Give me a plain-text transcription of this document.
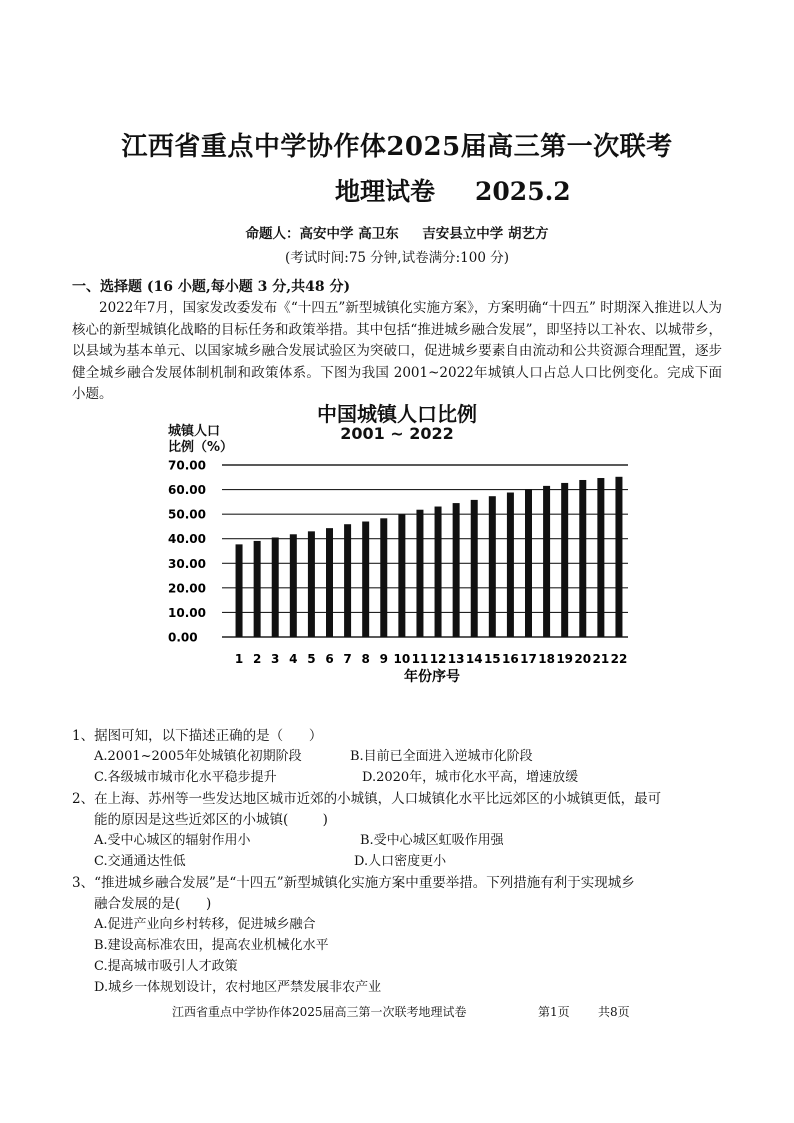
江西省重点中学协作体2025届高三第一次联考
地理试卷 2025.2
命题人：高安中学 高卫东     吉安县立中学 胡艺方
(考试时间:75 分钟,试卷满分:100 分)
一、选择题 (16 小题,每小题 3 分,共48 分)
2022年7月，国家发改委发布《“十四五”新型城镇化实施方案》，方案明确“十四五” 时期深入推进以人为核心的新型城镇化战略的目标任务和政策举措。其中包括“推进城乡融合发展”，即坚持以工补农、以城带乡，以县域为基本单元、以国家城乡融合发展试验区为突破口，促进城乡要素自由流动和公共资源合理配置，逐步健全城乡融合发展体制机制和政策体系。下图为我国 2001~2022年城镇人口占总人口比例变化。完成下面小题。
中国城镇人口比例
2001 ~ 2022
城镇人口
比例（%）
0.00
10.00
20.00
30.00
40.00
50.00
60.00
70.00
1 2 3 4 5 6 7 8 9 10 11 12 13 14 15 16 17 18 19 20 21 22
年份序号
1、据图可知，以下描述正确的是（      ）
A.2001~2005年处城镇化初期阶段	B.目前已全面进入逆城市化阶段
C.各级城市城市化水平稳步提升	D.2020年，城市化水平高，增速放缓
2、在上海、苏州等一些发达地区城市近郊的小城镇，人口城镇化水平比远郊区的小城镇更低，最可
能的原因是这些近郊区的小城镇(        )
A.受中心城区的辐射作用小	B.受中心城区虹吸作用强
C.交通通达性低	D.人口密度更小
3、“推进城乡融合发展”是“十四五”新型城镇化实施方案中重要举措。下列措施有利于实现城乡
融合发展的是(      )
A.促进产业向乡村转移，促进城乡融合
B.建设高标准农田，提高农业机械化水平
C.提高城市吸引人才政策
D.城乡一体规划设计，农村地区严禁发展非农产业
江西省重点中学协作体2025届高三第一次联考地理试卷	第1页 共8页
